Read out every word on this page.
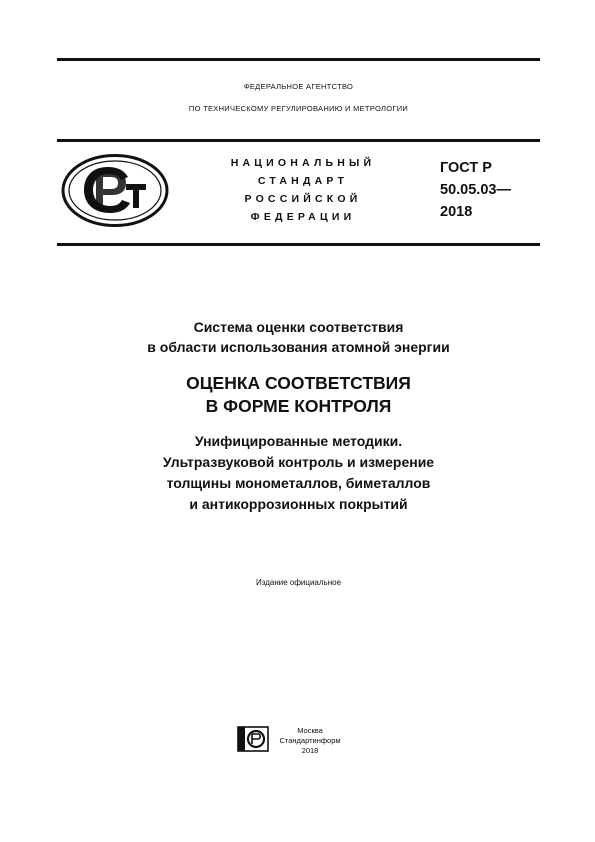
ФЕДЕРАЛЬНОЕ АГЕНТСТВО
ПО ТЕХНИЧЕСКОМУ РЕГУЛИРОВАНИЮ И МЕТРОЛОГИИ
НАЦИОНАЛЬНЫЙ
СТАНДАРТ
РОССИЙСКОЙ
ФЕДЕРАЦИИ
ГОСТ Р
50.05.03—
2018
Система оценки соответствия
в области использования атомной энергии
ОЦЕНКА СООТВЕТСТВИЯ
В ФОРМЕ КОНТРОЛЯ
Унифицированные методики.
Ультразвуковой контроль и измерение
толщины монометаллов, биметаллов
и антикоррозионных покрытий
Издание официальное
Москва
Стандартинформ
2018
